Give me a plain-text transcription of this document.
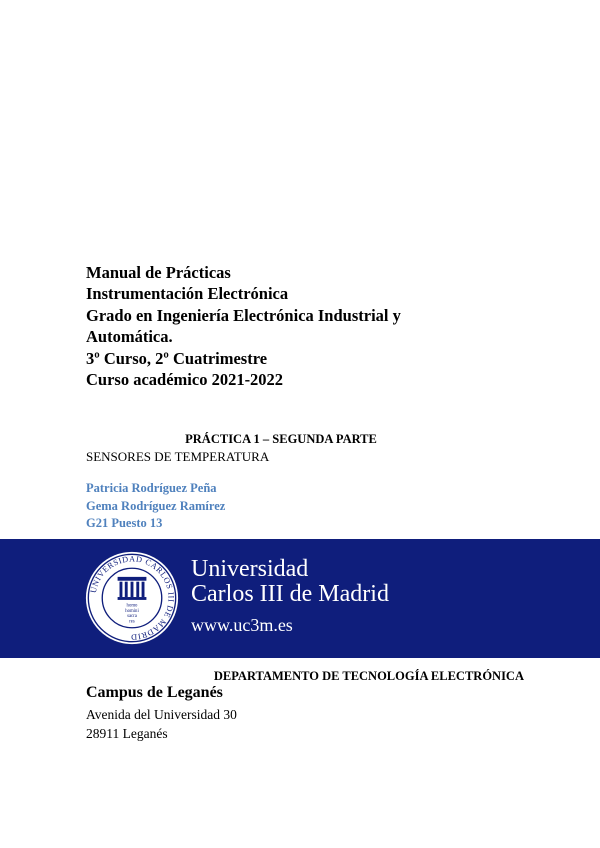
Manual de Prácticas
Instrumentación Electrónica
Grado en Ingeniería Electrónica Industrial y
Automática.
3º Curso, 2º Cuatrimestre
Curso académico 2021-2022
PRÁCTICA 1 – SEGUNDA PARTE
SENSORES DE TEMPERATURA
Patricia Rodríguez Peña
Gema Rodríguez Ramírez
G21 Puesto 13
UNIVERSIDAD CARLOS III DE MADRID
homo
homini
sacra
res
Universidad
Carlos III de Madrid
www.uc3m.es
DEPARTAMENTO DE TECNOLOGÍA ELECTRÓNICA
Campus de Leganés
Avenida del Universidad 30
28911 Leganés
